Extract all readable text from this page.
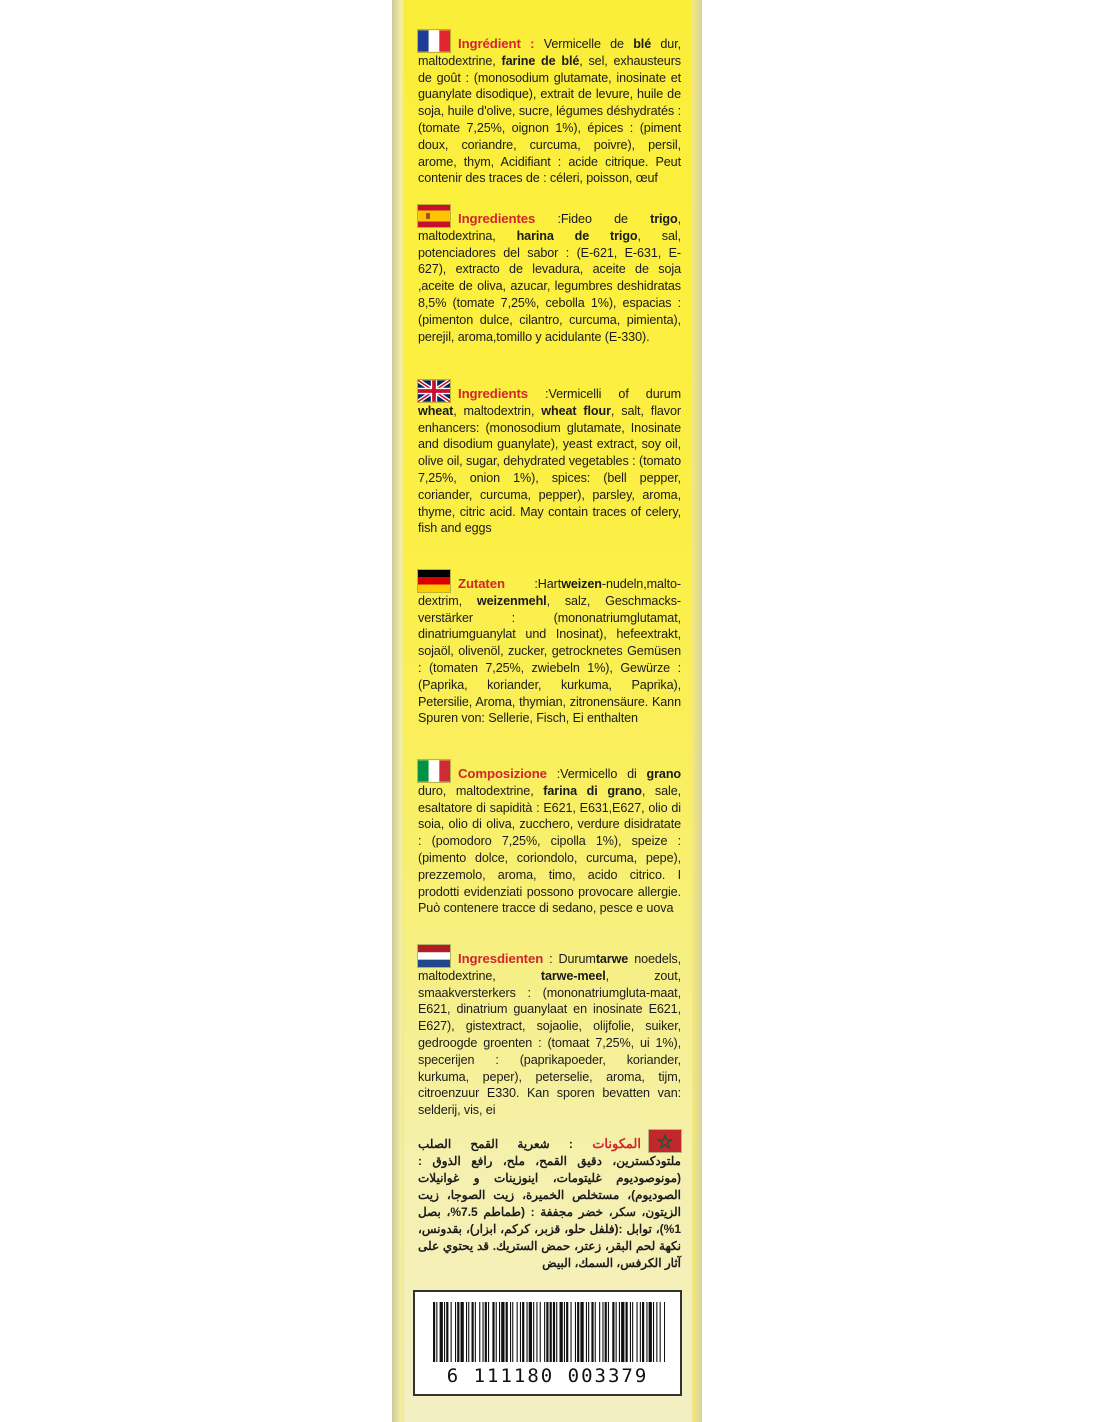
Ingrédient : Vermicelle de blé dur, maltodextrine, farine de blé, sel, exhausteurs de goût : (monosodium glutamate, inosinate et guanylate disodique), extrait de levure, huile de soja, huile d'olive, sucre, légumes déshydratés : (tomate 7,25%, oignon 1%), épices : (piment doux, coriandre, curcuma, poivre), persil, arome, thym, Acidifiant : acide citrique. Peut contenir des traces de : céleri, poisson, œuf
Ingredientes :Fideo de trigo, maltodextrina, harina de trigo, sal, potenciadores del sabor : (E-621, E-631, E-627), extracto de levadura, aceite de soja ,aceite de oliva, azucar, legumbres deshidratas 8,5% (tomate 7,25%, cebolla 1%), espacias : (pimenton dulce, cilantro, curcuma, pimienta), perejil, aroma,tomillo y acidulante (E-330).
Ingredients :Vermicelli of durum wheat, maltodextrin, wheat flour, salt, flavor enhancers: (monosodium glutamate, Inosinate and disodium guanylate), yeast extract, soy oil, olive oil, sugar, dehydrated vegetables : (tomato 7,25%, onion 1%), spices: (bell pepper, coriander, curcuma, pepper), parsley, aroma, thyme, citric acid. May contain traces of celery, fish and eggs
Zutaten :Hartweizen-nudeln,malto-dextrim, weizenmehl, salz, Geschmacks-verstärker : (mononatriumglutamat, dinatriumguanylat und Inosinat), hefeextrakt, sojaöl, olivenöl, zucker, getrocknetes Gemüsen : (tomaten 7,25%, zwiebeln 1%), Gewürze : (Paprika, koriander, kurkuma, Paprika), Petersilie, Aroma, thymian, zitronensäure. Kann Spuren von: Sellerie, Fisch, Ei enthalten
Composizione :Vermicello di grano duro, maltodextrine, farina di grano, sale, esaltatore di sapidità : E621, E631,E627, olio di soia, olio di oliva, zucchero, verdure disidratate : (pomodoro 7,25%, cipolla 1%), speize : (pimento dolce, coriondolo, curcuma, pepe), prezzemolo, aroma, timo, acido citrico. I prodotti evidenziati possono provocare allergie. Può contenere tracce di sedano, pesce e uova
Ingresdienten : Durumtarwe noedels, maltodextrine, tarwe-meel, zout, smaakversterkers : (mononatriumgluta-maat, E621, dinatrium guanylaat en inosinate E621, E627), gistextract, sojaolie, olijfolie, suiker, gedroogde groenten : (tomaat 7,25%, ui 1%), specerijen : (paprikapoeder, koriander, kurkuma, peper), peterselie, aroma, tijm, citroenzuur E330. Kan sporen bevatten van: selderij, vis, ei
المكونات : شعرية القمح الصلب ملتودكسترين، دقيق القمح، ملح، رافع الذوق : (مونوصوديوم غليتومات، اينوزينات و غوانيلات الصوديوم)، مستخلص الخميرة، زيت الصوجا، زيت الزيتون، سكر، خضر مجففة : (طماطم 7.5%، بصل 1%)، توابل :(فلفل حلو، قزبر، كركم، ابزار)، بقدونس، نكهة لحم البقر، زعتر، حمض الستريك. قد يحتوي على آثار الكرفس، السمك، البيض
6 111180 003379
